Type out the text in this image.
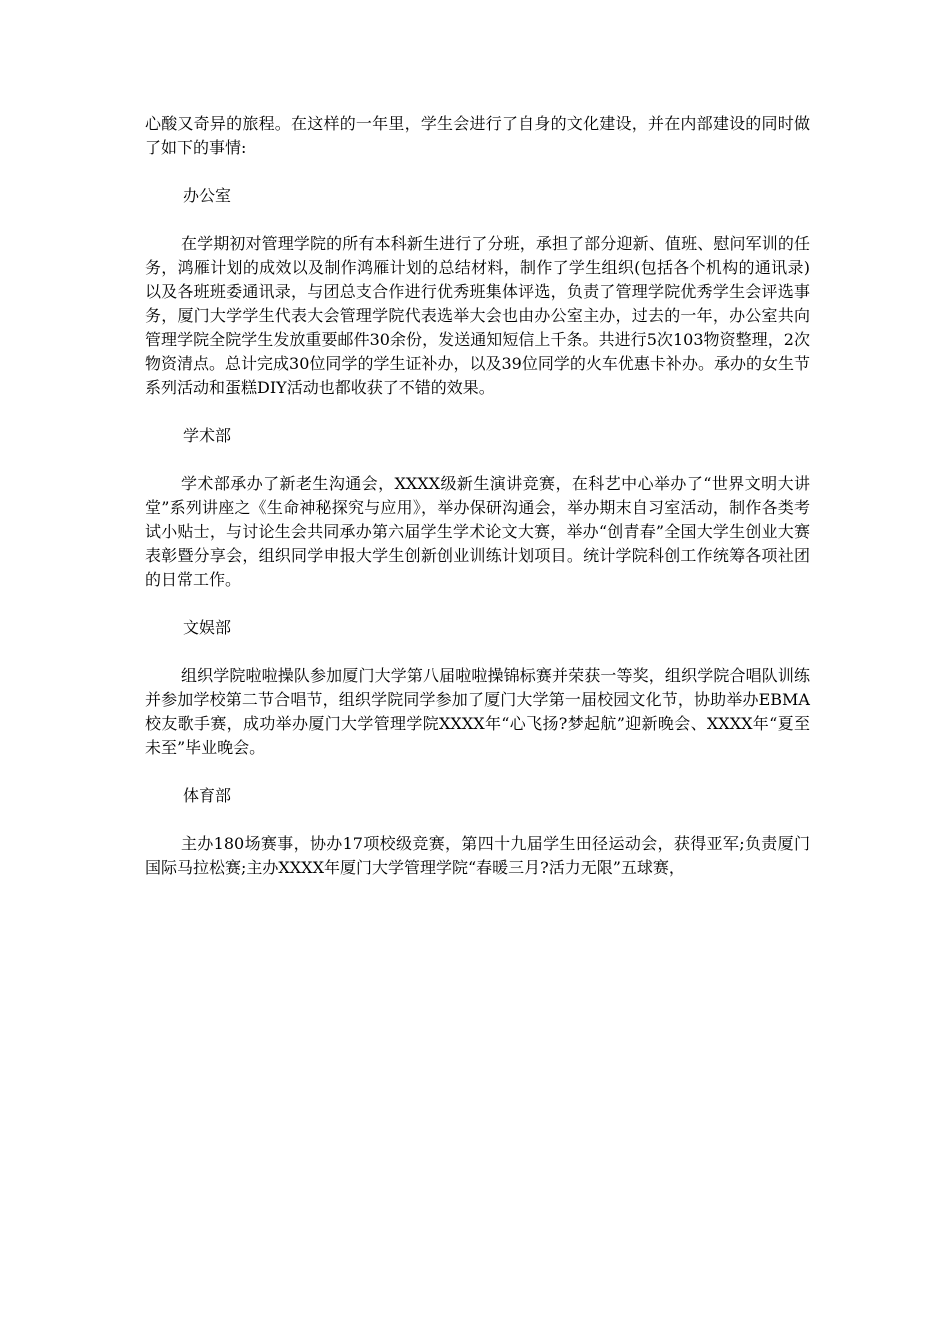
心酸又奇异的旅程。在这样的一年里，学生会进行了自身的文化建设，并在内部建设的同时做了如下的事情:

办公室

在学期初对管理学院的所有本科新生进行了分班，承担了部分迎新、值班、慰问军训的任务，鸿雁计划的成效以及制作鸿雁计划的总结材料，制作了学生组织(包括各个机构的通讯录)以及各班班委通讯录，与团总支合作进行优秀班集体评选，负责了管理学院优秀学生会评选事务，厦门大学学生代表大会管理学院代表选举大会也由办公室主办，过去的一年，办公室共向管理学院全院学生发放重要邮件30余份，发送通知短信上千条。共进行5次103物资整理，2次物资清点。总计完成30位同学的学生证补办，以及39位同学的火车优惠卡补办。承办的女生节系列活动和蛋糕DIY活动也都收获了不错的效果。

学术部

学术部承办了新老生沟通会，XXXX级新生演讲竞赛，在科艺中心举办了“世界文明大讲堂”系列讲座之《生命神秘探究与应用》，举办保研沟通会，举办期末自习室活动，制作各类考试小贴士，与讨论生会共同承办第六届学生学术论文大赛，举办“创青春”全国大学生创业大赛表彰暨分享会，组织同学申报大学生创新创业训练计划项目。统计学院科创工作统筹各项社团的日常工作。

文娱部

组织学院啦啦操队参加厦门大学第八届啦啦操锦标赛并荣获一等奖，组织学院合唱队训练并参加学校第二节合唱节，组织学院同学参加了厦门大学第一届校园文化节，协助举办EBMA校友歌手赛，成功举办厦门大学管理学院XXXX年“心飞扬?梦起航”迎新晚会、XXXX年“夏至未至”毕业晚会。

体育部

主办180场赛事，协办17项校级竞赛，第四十九届学生田径运动会，获得亚军;负责厦门国际马拉松赛;主办XXXX年厦门大学管理学院“春暖三月?活力无限”五球赛，
